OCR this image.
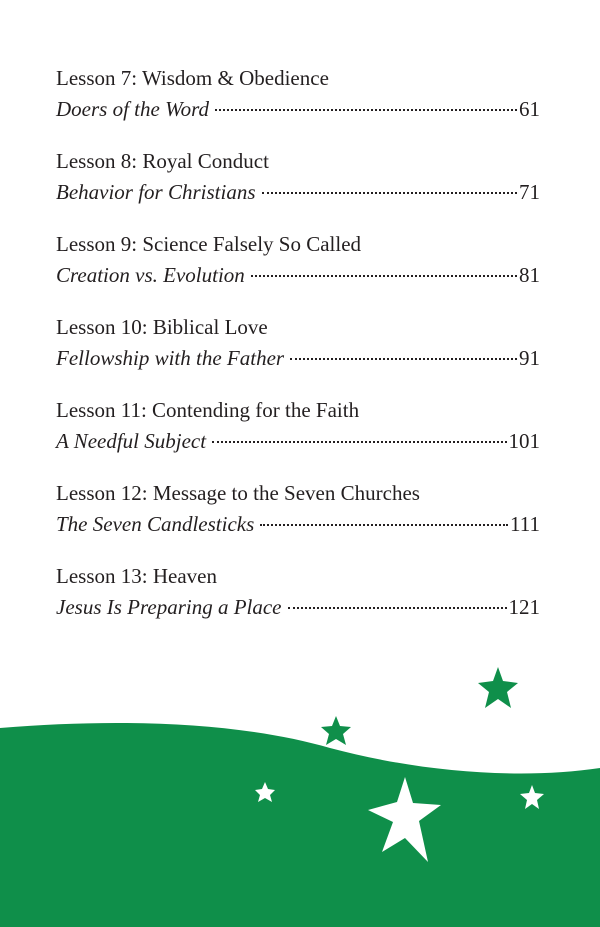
Lesson 7: Wisdom & Obedience
Doers of the Word	61
Lesson 8: Royal Conduct
Behavior for Christians	71
Lesson 9: Science Falsely So Called
Creation vs. Evolution	81
Lesson 10: Biblical Love
Fellowship with the Father	91
Lesson 11: Contending for the Faith
A Needful Subject	101
Lesson 12: Message to the Seven Churches
The Seven Candlesticks	111
Lesson 13: Heaven
Jesus Is Preparing a Place	121
